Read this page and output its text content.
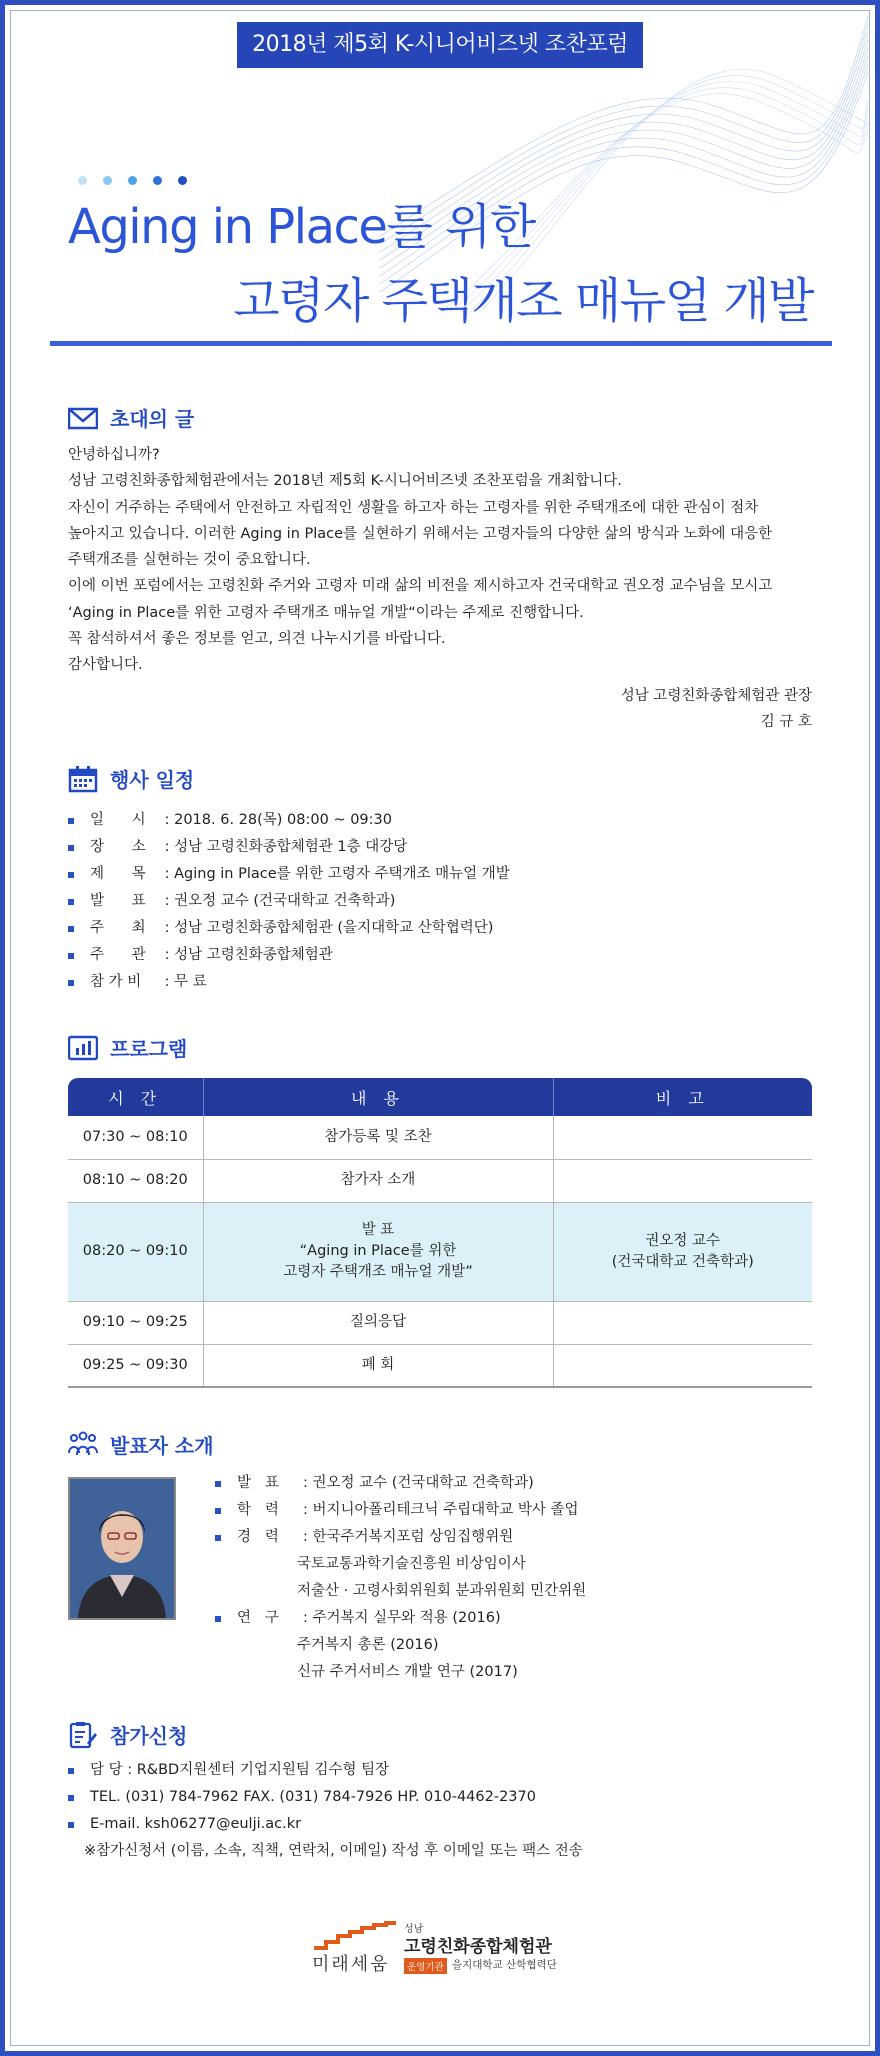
2018년 제5회 K-시니어비즈넷 조찬포럼
Aging in Place를 위한
고령자 주택개조 매뉴얼 개발
초대의 글
안녕하십니까?
성남 고령친화종합체험관에서는 2018년 제5회 K-시니어비즈넷 조찬포럼을 개최합니다.
자신이 거주하는 주택에서 안전하고 자립적인 생활을 하고자 하는 고령자를 위한 주택개조에 대한 관심이 점차
높아지고 있습니다. 이러한 Aging in Place를 실현하기 위해서는 고령자들의 다양한 삶의 방식과 노화에 대응한
주택개조를 실현하는 것이 중요합니다.
이에 이번 포럼에서는 고령친화 주거와 고령자 미래 삶의 비전을 제시하고자 건국대학교 권오정 교수님을 모시고
‘Aging in Place를 위한 고령자 주택개조 매뉴얼 개발“이라는 주제로 진행합니다.
꼭 참석하셔서 좋은 정보를 얻고, 의견 나누시기를 바랍니다.
감사합니다.
성남 고령친화종합체험관 관장
김 규 호
행사 일정
일      시 : 2018. 6. 28(목) 08:00 ~ 09:30
장      소 : 성남 고령친화종합체험관 1층 대강당
제      목 : Aging in Place를 위한 고령자 주택개조 매뉴얼 개발
발      표 : 권오정 교수 (건국대학교 건축학과)
주      최 : 성남 고령친화종합체험관 (을지대학교 산학협력단)
주      관 : 성남 고령친화종합체험관
참 가 비	: 무 료
프로그램
시 간	내 용	비 고
07:30 ~ 08:10	참가등록 및 조찬	
08:10 ~ 08:20	참가자 소개	
08:20 ~ 09:10	발 표
“Aging in Place를 위한
고령자 주택개조 매뉴얼 개발”	권오정 교수
(건국대학교 건축학과)
09:10 ~ 09:25	질의응답	
09:25 ~ 09:30	폐 회	
발표자 소개
발   표	: 권오정 교수 (건국대학교 건축학과)
학   력	: 버지니아폴리테크닉 주립대학교 박사 졸업
경   력	: 한국주거복지포럼 상임집행위원
국토교통과학기술진흥원 비상임이사
저출산 · 고령사회위원회 분과위원회 민간위원
연   구	: 주거복지 실무와 적용 (2016)
주거복지 총론 (2016)
신규 주거서비스 개발 연구 (2017)
참가신청
담 당 : R&BD지원센터 기업지원팀 김수형 팀장
TEL. (031) 784-7962 FAX. (031) 784-7926 HP. 010-4462-2370
E-mail. ksh06277@eulji.ac.kr
※참가신청서 (이름, 소속, 직책, 연락처, 이메일) 작성 후 이메일 또는 팩스 전송
미래세움
성남
고령친화종합체험관
운영기관 을지대학교 산학협력단
